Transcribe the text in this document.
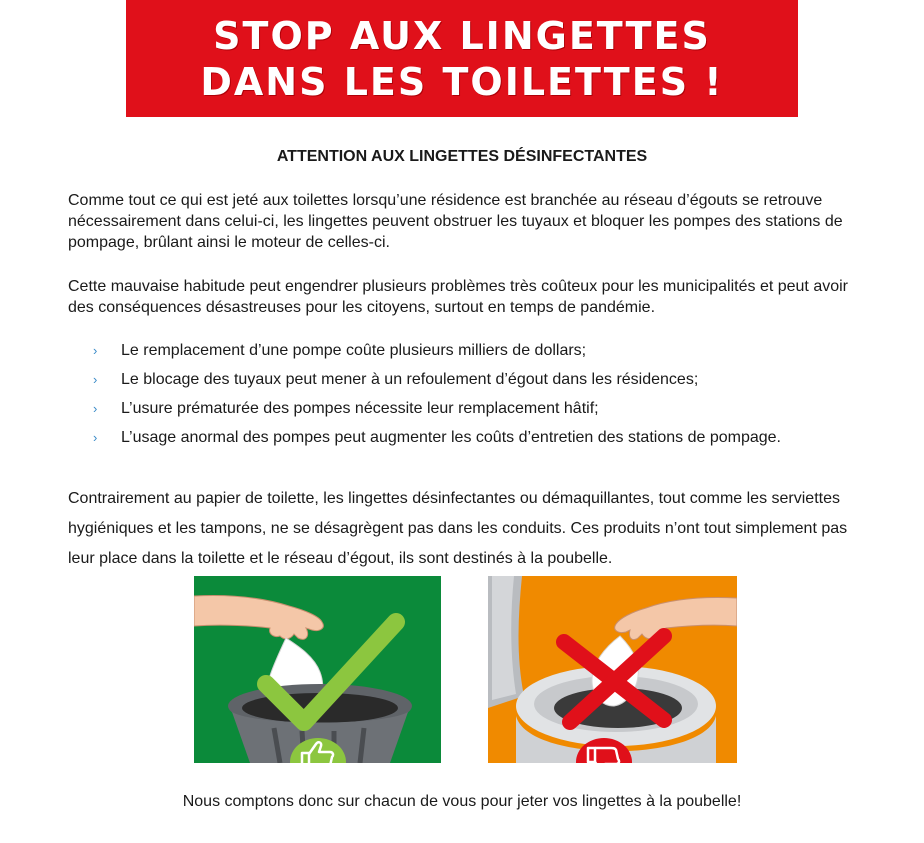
STOP AUX LINGETTES
DANS LES TOILETTES !
ATTENTION AUX LINGETTES DÉSINFECTANTES
Comme tout ce qui est jeté aux toilettes lorsqu’une résidence est branchée au réseau d’égouts se retrouve nécessairement dans celui-ci, les lingettes peuvent obstruer les tuyaux et bloquer les pompes des stations de pompage, brûlant ainsi le moteur de celles-ci.
Cette mauvaise habitude peut engendrer plusieurs problèmes très coûteux pour les municipalités et peut avoir des conséquences désastreuses pour les citoyens, surtout en temps de pandémie.
›	Le remplacement d’une pompe coûte plusieurs milliers de dollars;
›	Le blocage des tuyaux peut mener à un refoulement d’égout dans les résidences;
›	L’usure prématurée des pompes nécessite leur remplacement hâtif;
›	L’usage anormal des pompes peut augmenter les coûts d’entretien des stations de pompage.
Contrairement au papier de toilette, les lingettes désinfectantes ou démaquillantes, tout comme les serviettes hygiéniques et les tampons, ne se désagrègent pas dans les conduits. Ces produits n’ont tout simplement pas leur place dans la toilette et le réseau d’égout, ils sont destinés à la poubelle.
Nous comptons donc sur chacun de vous pour jeter vos lingettes à la poubelle!
